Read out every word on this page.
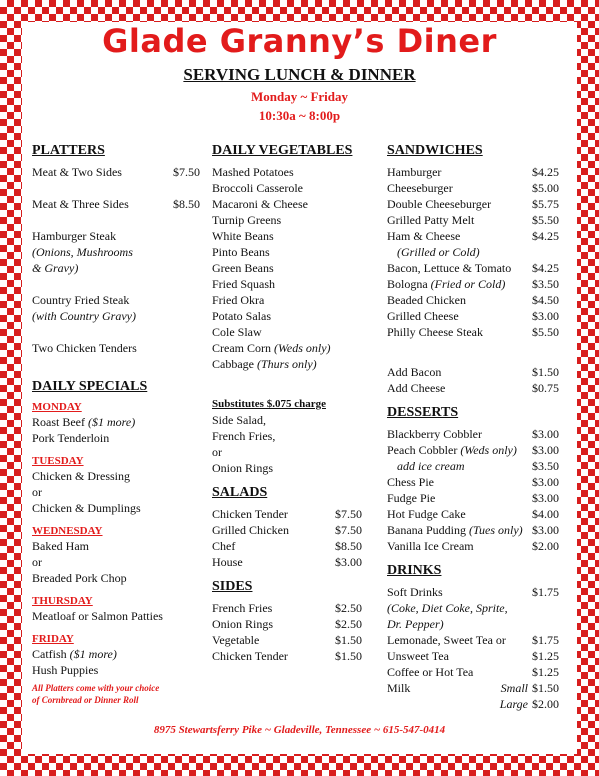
Glade Granny’s Diner
SERVING LUNCH & DINNER
Monday ~ Friday
10:30a ~ 8:00p
PLATTERS
Meat & Two Sides	$7.50
Meat & Three Sides	$8.50
Hamburger Steak
(Onions, Mushrooms
& Gravy)
Country Fried Steak
(with Country Gravy)
Two Chicken Tenders
DAILY SPECIALS
MONDAY
Roast Beef ($1 more)
Pork Tenderloin
TUESDAY
Chicken & Dressing
or
Chicken & Dumplings
WEDNESDAY
Baked Ham
or
Breaded Pork Chop
THURSDAY
Meatloaf or Salmon Patties
FRIDAY
Catfish ($1 more)
Hush Puppies
All Platters come with your choice
of Cornbread or Dinner Roll
DAILY VEGETABLES
Mashed Potatoes
Broccoli Casserole
Macaroni & Cheese
Turnip Greens
White Beans
Pinto Beans
Green Beans
Fried Squash
Fried Okra
Potato Salas
Cole Slaw
Cream Corn (Weds only)
Cabbage (Thurs only)
Substitutes $.075 charge
Side Salad,
French Fries,
or
Onion Rings
SALADS
Chicken Tender	$7.50
Grilled Chicken	$7.50
Chef	$8.50
House	$3.00
SIDES
French Fries	$2.50
Onion Rings	$2.50
Vegetable	$1.50
Chicken Tender	$1.50
SANDWICHES
Hamburger	$4.25
Cheeseburger	$5.00
Double Cheeseburger	$5.75
Grilled Patty Melt	$5.50
Ham & Cheese	$4.25
(Grilled or Cold)
Bacon, Lettuce & Tomato $4.25
Bologna (Fried or Cold) $3.50
Beaded Chicken	$4.50
Grilled Cheese	$3.00
Philly Cheese Steak	$5.50
Add Bacon	$1.50
Add Cheese	$0.75
DESSERTS
Blackberry Cobbler	$3.00
Peach Cobbler (Weds only) $3.00
add ice cream	$3.50
Chess Pie	$3.00
Fudge Pie	$3.00
Hot Fudge Cake	$4.00
Banana Pudding (Tues only) $3.00
Vanilla Ice Cream	$2.00
DRINKS
Soft Drinks	$1.75
(Coke, Diet Coke, Sprite,
Dr. Pepper)
Lemonade, Sweet Tea or $1.75
Unsweet Tea	$1.25
Coffee or Hot Tea	$1.25
Milk	Small $1.50
Large $2.00
8975 Stewartsferry Pike ~ Gladeville, Tennessee ~ 615-547-0414
